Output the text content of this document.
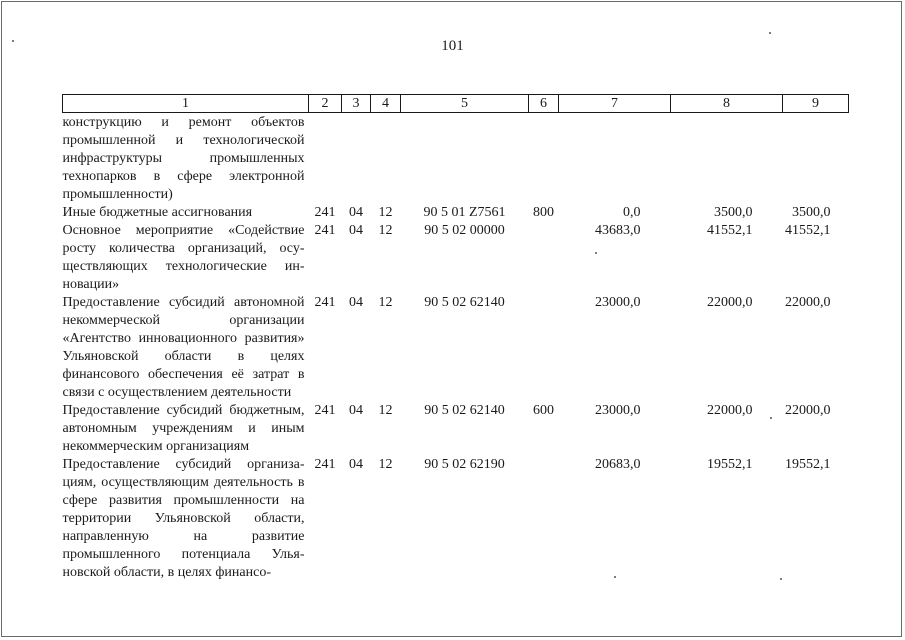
101
1	2	3	4	5	6	7	8	9
конструкцию и ремонт объектов промышленной и технологической инфраструктуры промышленных технопарков в сфере электронной промышленности)								
Иные бюджетные ассигнования	241	04	12	90 5 01 Z7561	800	0,0	3500,0	3500,0
Основное мероприятие «Содействие росту количества организаций, осуществляющих технологические инновации»	241	04	12	90 5 02 00000		43683,0	41552,1	41552,1
Предоставление субсидий автономной некоммерческой организации «Агентство инновационного развития» Ульяновской области в целях финансового обеспечения её затрат в связи с осуществлением деятельности	241	04	12	90 5 02 62140		23000,0	22000,0	22000,0
Предоставление субсидий бюджетным, автономным учреждениям и иным некоммерческим организациям	241	04	12	90 5 02 62140	600	23000,0	22000,0	22000,0
Предоставление субсидий организациям, осуществляющим деятельность в сфере развития промышленности на территории Ульяновской области, направленную на развитие промышленного потенциала Ульяновской области, в целях финансо-	241	04	12	90 5 02 62190		20683,0	19552,1	19552,1
